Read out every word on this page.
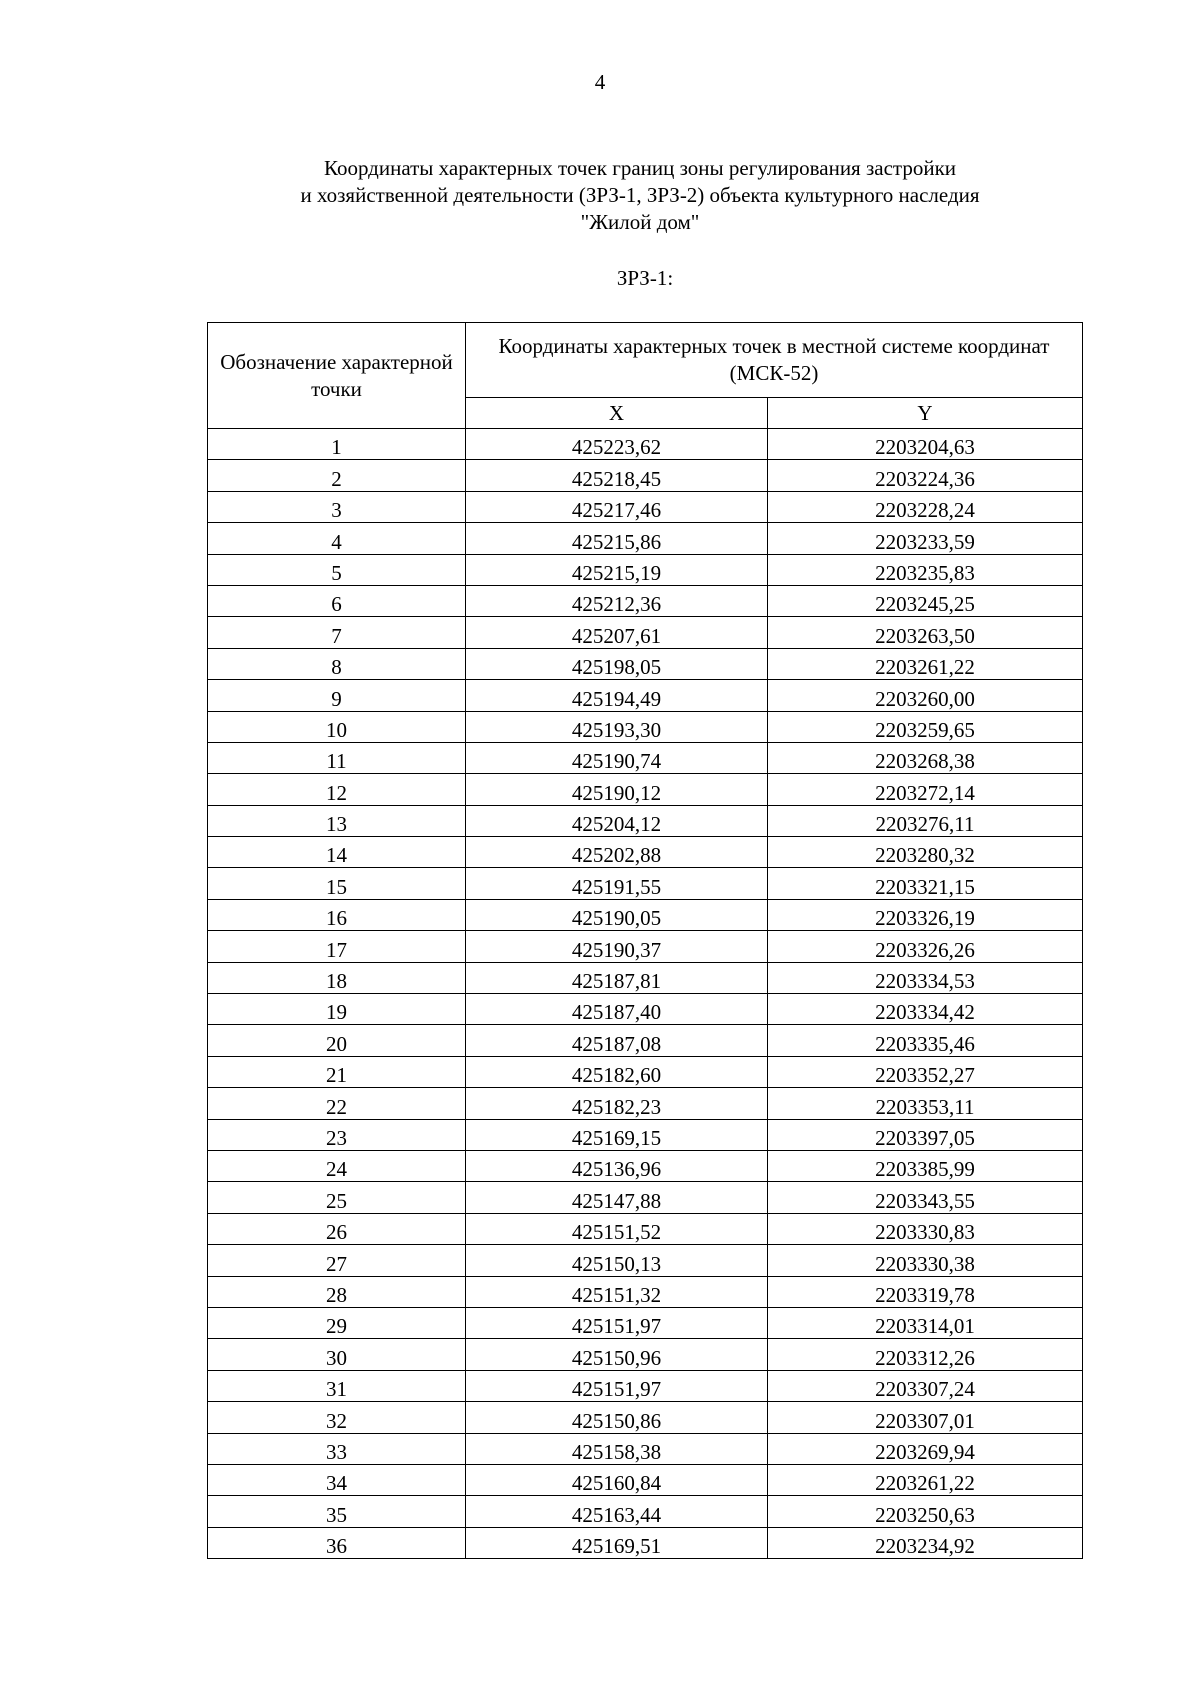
4
Координаты характерных точек границ зоны регулирования застройки
и хозяйственной деятельности (ЗРЗ-1, ЗРЗ-2) объекта культурного наследия
"Жилой дом"
ЗРЗ-1:
Обозначение характерной точки	Координаты характерных точек в местной системе координат (МСК-52)	
	X	Y
1	425223,62	2203204,63
2	425218,45	2203224,36
3	425217,46	2203228,24
4	425215,86	2203233,59
5	425215,19	2203235,83
6	425212,36	2203245,25
7	425207,61	2203263,50
8	425198,05	2203261,22
9	425194,49	2203260,00
10	425193,30	2203259,65
11	425190,74	2203268,38
12	425190,12	2203272,14
13	425204,12	2203276,11
14	425202,88	2203280,32
15	425191,55	2203321,15
16	425190,05	2203326,19
17	425190,37	2203326,26
18	425187,81	2203334,53
19	425187,40	2203334,42
20	425187,08	2203335,46
21	425182,60	2203352,27
22	425182,23	2203353,11
23	425169,15	2203397,05
24	425136,96	2203385,99
25	425147,88	2203343,55
26	425151,52	2203330,83
27	425150,13	2203330,38
28	425151,32	2203319,78
29	425151,97	2203314,01
30	425150,96	2203312,26
31	425151,97	2203307,24
32	425150,86	2203307,01
33	425158,38	2203269,94
34	425160,84	2203261,22
35	425163,44	2203250,63
36	425169,51	2203234,92
